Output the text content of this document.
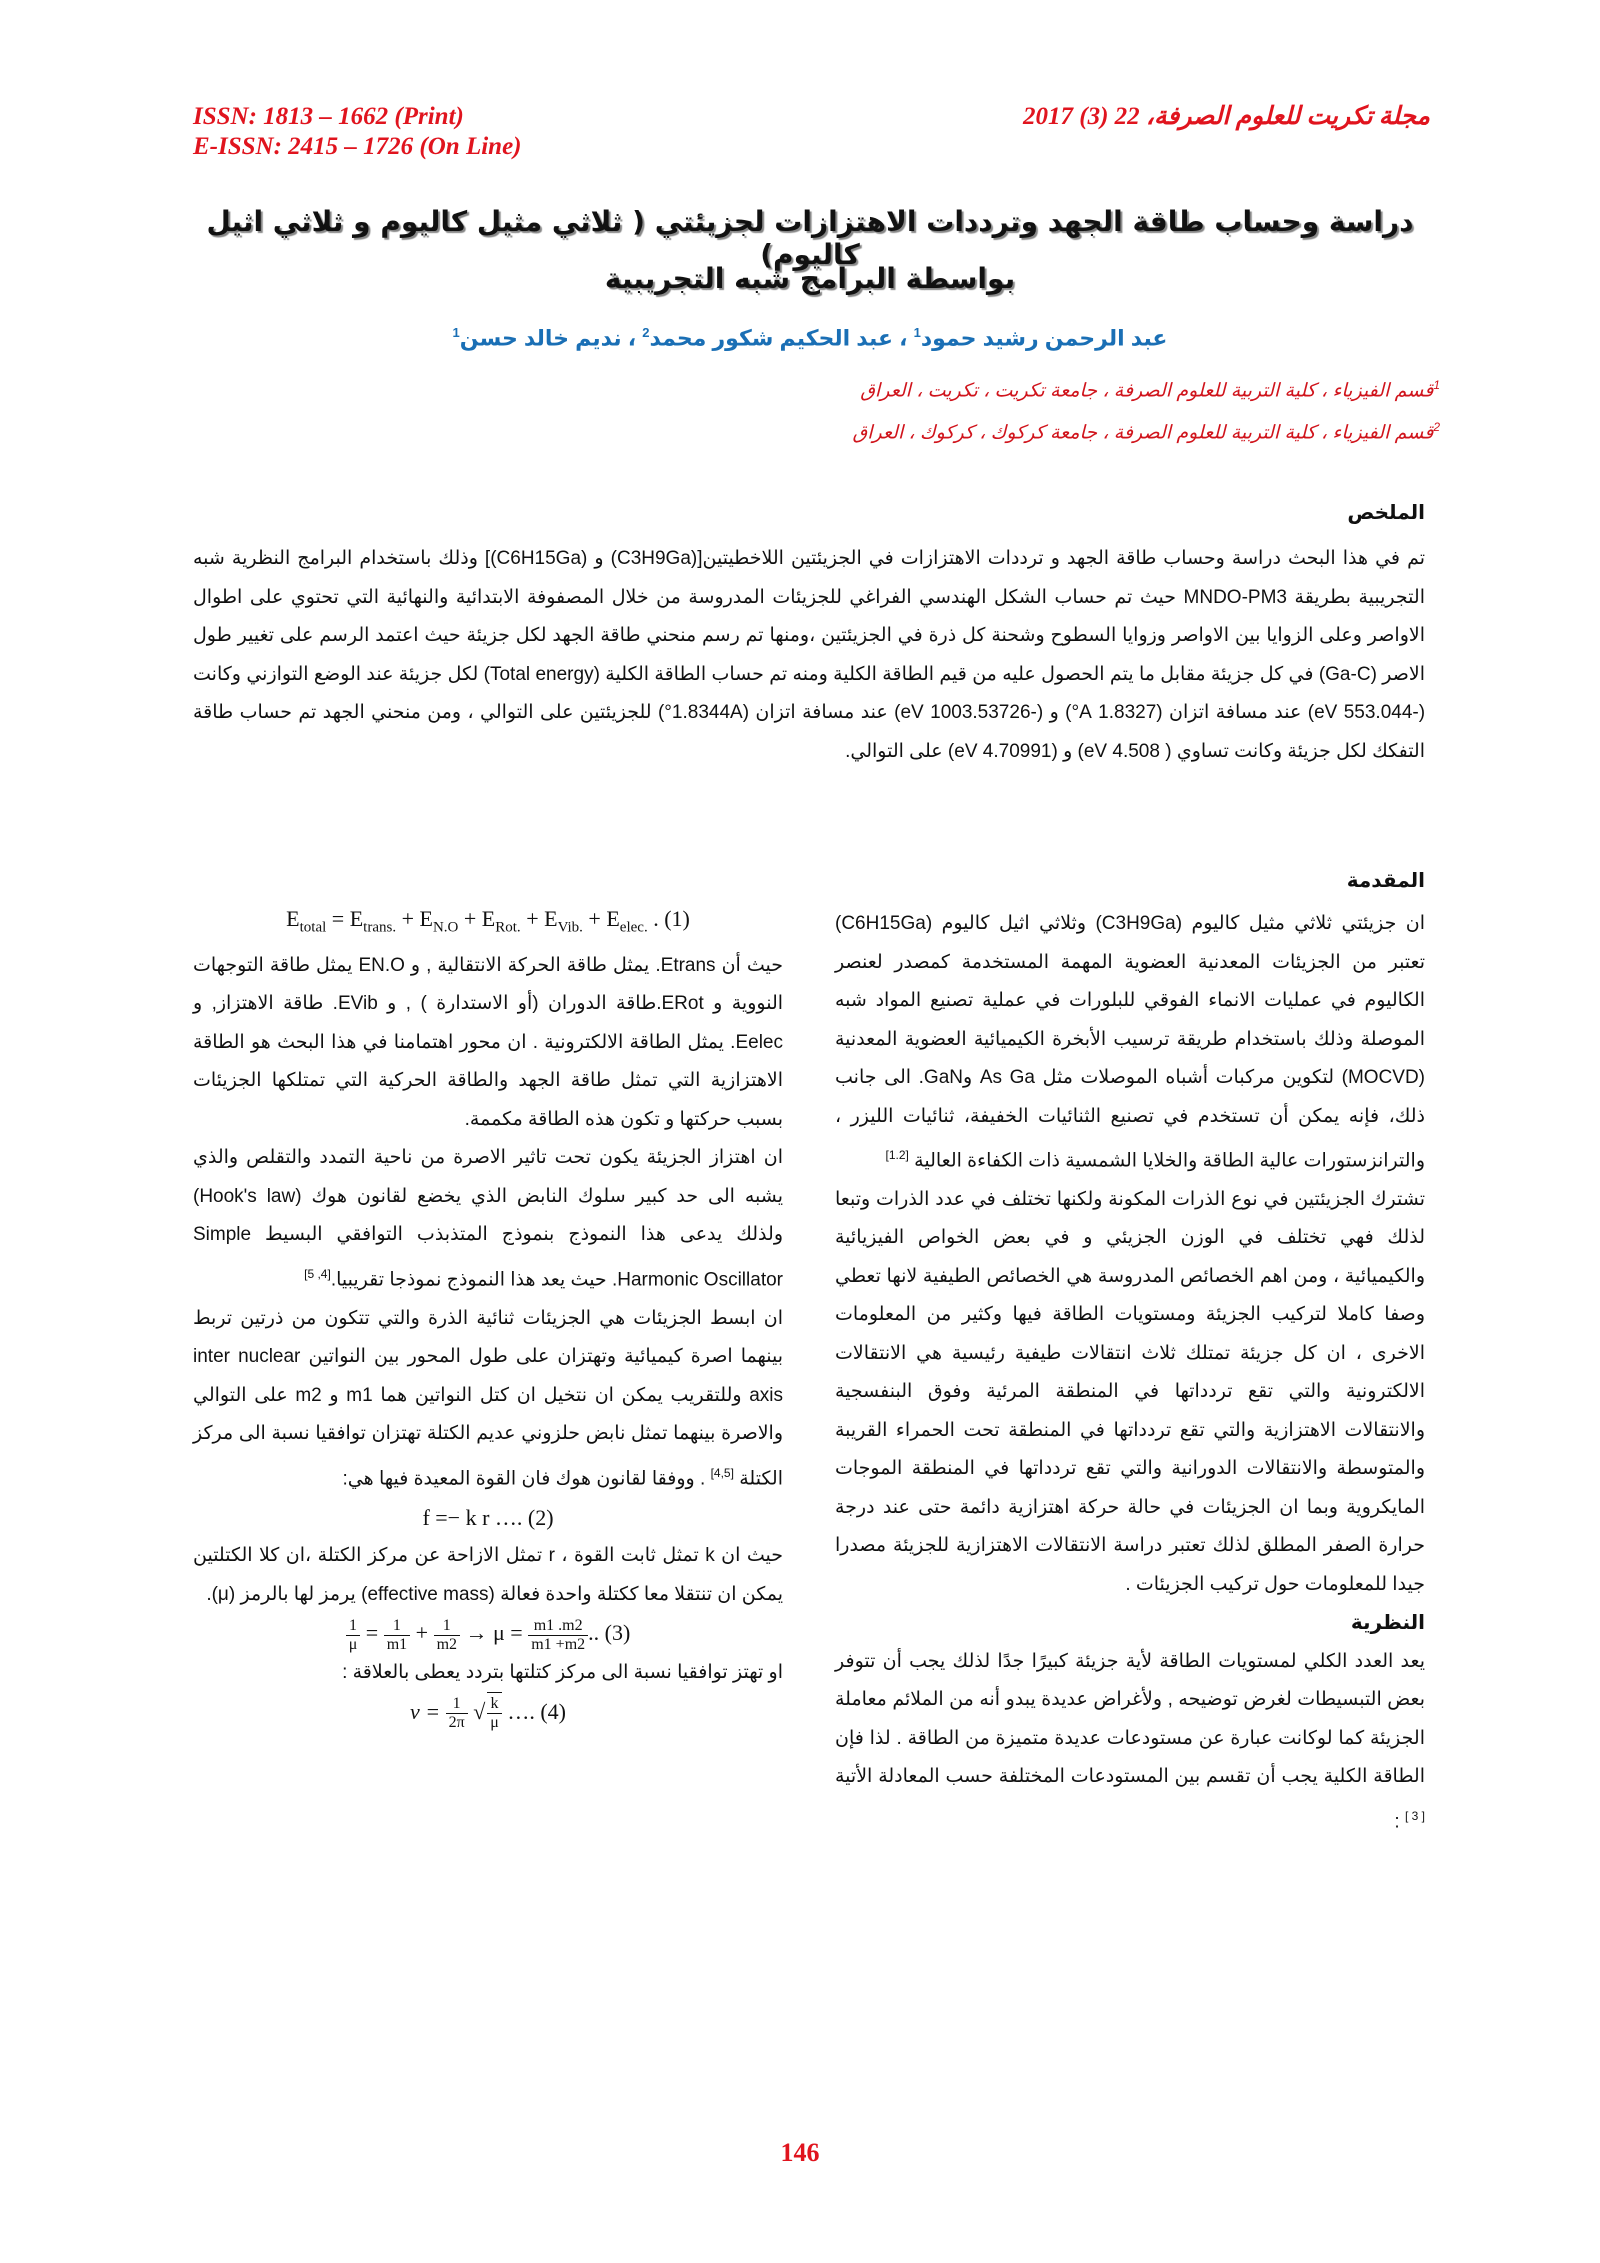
ISSN: 1813 – 1662 (Print)
E-ISSN: 2415 – 1726 (On Line)
مجلة تكريت للعلوم الصرفة، 22 (3) 2017
دراسة وحساب طاقة الجهد وترددات الاهتزازات لجزيئتي ( ثلاثي مثيل كاليوم و ثلاثي اثيل كاليوم)
بواسطة البرامج شبه التجريبية
عبد الرحمن رشيد حمود$^1$ ، عبد الحكيم شكور محمد$^2$ ، نديم خالد حسن$^1$
$^1$قسم الفيزياء ، كلية التربية للعلوم الصرفة ، جامعة تكريت ، تكريت ، العراق
$^2$قسم الفيزياء ، كلية التربية للعلوم الصرفة ، جامعة كركوك ، كركوك ، العراق
الملخص
تم في هذا البحث دراسة وحساب طاقة الجهد و ترددات الاهتزازات في الجزيئتين اللاخطيتين[(C3H9Ga) و (C6H15Ga)] وذلك باستخدام البرامج النظرية شبه التجريبية بطريقة MNDO-PM3 حيث تم حساب الشكل الهندسي الفراغي للجزيئات المدروسة من خلال المصفوفة الابتدائية والنهائية التي تحتوي على اطوال الاواصر وعلى الزوايا بين الاواصر وزوايا السطوح وشحنة كل ذرة في الجزيئتين ،ومنها تم رسم منحني طاقة الجهد لكل جزيئة حيث اعتمد الرسم على تغيير طول الاصر (Ga-C) في كل جزيئة مقابل ما يتم الحصول عليه من قيم الطاقة الكلية ومنه تم حساب الطاقة الكلية (Total energy) لكل جزيئة عند الوضع التوازني وكانت (-553.044 eV) عند مسافة اتزان (1.8327 A°) و (-1003.53726 eV) عند مسافة اتزان (1.8344A°) للجزيئتين على التوالي ، ومن منحني الجهد تم حساب طاقة التفكك لكل جزيئة وكانت تساوي ( 4.508 eV) و (4.70991 eV) على التوالي.
المقدمة
ان جزيئتي ثلاثي مثيل كاليوم (C3H9Ga) وثلاثي اثيل كاليوم (C6H15Ga) تعتبر من الجزيئات المعدنية العضوية المهمة المستخدمة كمصدر لعنصر الكاليوم في عمليات الانماء الفوقي للبلورات في عملية تصنيع المواد شبه الموصلة وذلك باستخدام طريقة ترسيب الأبخرة الكيميائية العضوية المعدنية (MOCVD) لتكوين مركبات أشباه الموصلات مثل As Ga وGaN. الى جانب ذلك، فإنه يمكن أن تستخدم في تصنيع الثنائيات الخفيفة، ثنائيات الليزر ، والترانزستورات عالية الطاقة والخلايا الشمسية ذات الكفاءة العالية [1.2]
تشترك الجزيئتين في نوع الذرات المكونة ولكنها تختلف في عدد الذرات وتبعا لذلك فهي تختلف في الوزن الجزيئي و في بعض الخواص الفيزيائية والكيميائية ، ومن اهم الخصائص المدروسة هي الخصائص الطيفية لانها تعطي وصفا كاملا لتركيب الجزيئة ومستويات الطاقة فيها وكثير من المعلومات الاخرى ، ان كل جزيئة تمتلك ثلاث انتقالات طيفية رئيسية هي الانتقالات الالكترونية والتي تقع تردداتها في المنطقة المرئية وفوق البنفسجية والانتقالات الاهتزازية والتي تقع تردداتها في المنطقة تحت الحمراء القريبة والمتوسطة والانتقالات الدورانية والتي تقع تردداتها في المنطقة الموجات المايكروية وبما ان الجزيئات في حالة حركة اهتزازية دائمة حتى عند درجة حرارة الصفر المطلق لذلك تعتبر دراسة الانتقالات الاهتزازية للجزيئة مصدرا جيدا للمعلومات حول تركيب الجزيئات .
النظرية
يعد العدد الكلي لمستويات الطاقة لأية جزيئة كبيرًا جدًا لذلك يجب أن تتوفر بعض التبسيطات لغرض توضيحه , ولأغراض عديدة يبدو أنه من الملائم معاملة الجزيئة كما لوكانت عبارة عن مستودعات عديدة متميزة من الطاقة . لذا فإن الطاقة الكلية يجب أن تقسم بين المستودعات المختلفة حسب المعادلة الأتية [ 3 ] :
$E_{total} = E_{trans.} + E_{N.O} + E_{Rot.} + E_{Vib.} + E_{elec.}$ . (1)
حيث أن Etrans. يمثل طاقة الحركة الانتقالية , و EN.O يمثل طاقة التوجهات النووية و ERot.طاقة الدوران (أو الاستدارة ) , و EVib. طاقة الاهتزاز, و Eelec. يمثل الطاقة الالكترونية . ان محور اهتمامنا في هذا البحث هو الطاقة الاهتزازية التي تمثل طاقة الجهد والطاقة الحركية التي تمتلكها الجزيئات بسبب حركتها و تكون هذه الطاقة مكممة.
ان اهتزاز الجزيئة يكون تحت تاثير الاصرة من ناحية التمدد والتقلص والذي يشبه الى حد كبير سلوك النابض الذي يخضع لقانون هوك (Hook's law) ولذلك يدعى هذا النموذج بنموذج المتذبذب التوافقي البسيط Simple Harmonic Oscillator. حيث يعد هذا النموذج نموذجا تقريبيا.[4, 5]
ان ابسط الجزيئات هي الجزيئات ثنائية الذرة والتي تتكون من ذرتين تربط بينهما اصرة كيميائية وتهتزان على طول المحور بين النواتين inter nuclear axis وللتقريب يمكن ان نتخيل ان كتل النواتين هما m1 و m2 على التوالي والاصرة بينهما تمثل نابض حلزوني عديم الكتلة تهتزان توافقيا نسبة الى مركز الكتلة [4,5] . ووفقا لقانون هوك فان القوة المعيدة فيها هي:
f =− k r …. (2)
حيث ان k تمثل ثابت القوة ، r تمثل الازاحة عن مركز الكتلة ،ان كلا الكتلتين يمكن ان تنتقلا معا ككتلة واحدة فعالة (effective mass) يرمز لها بالرمز (μ).
$\frac{1}{\mu} = \frac{1}{m1} + \frac{1}{m2} \to \mu = \frac{m1 .m2}{m1 +m2}$ .. (3)
او تهتز توافقيا نسبة الى مركز كتلتها بتردد يعطى بالعلاقة :
$v = \frac{1}{2\pi}$ √ $\frac{k}{\mu}$ …. (4)
146
